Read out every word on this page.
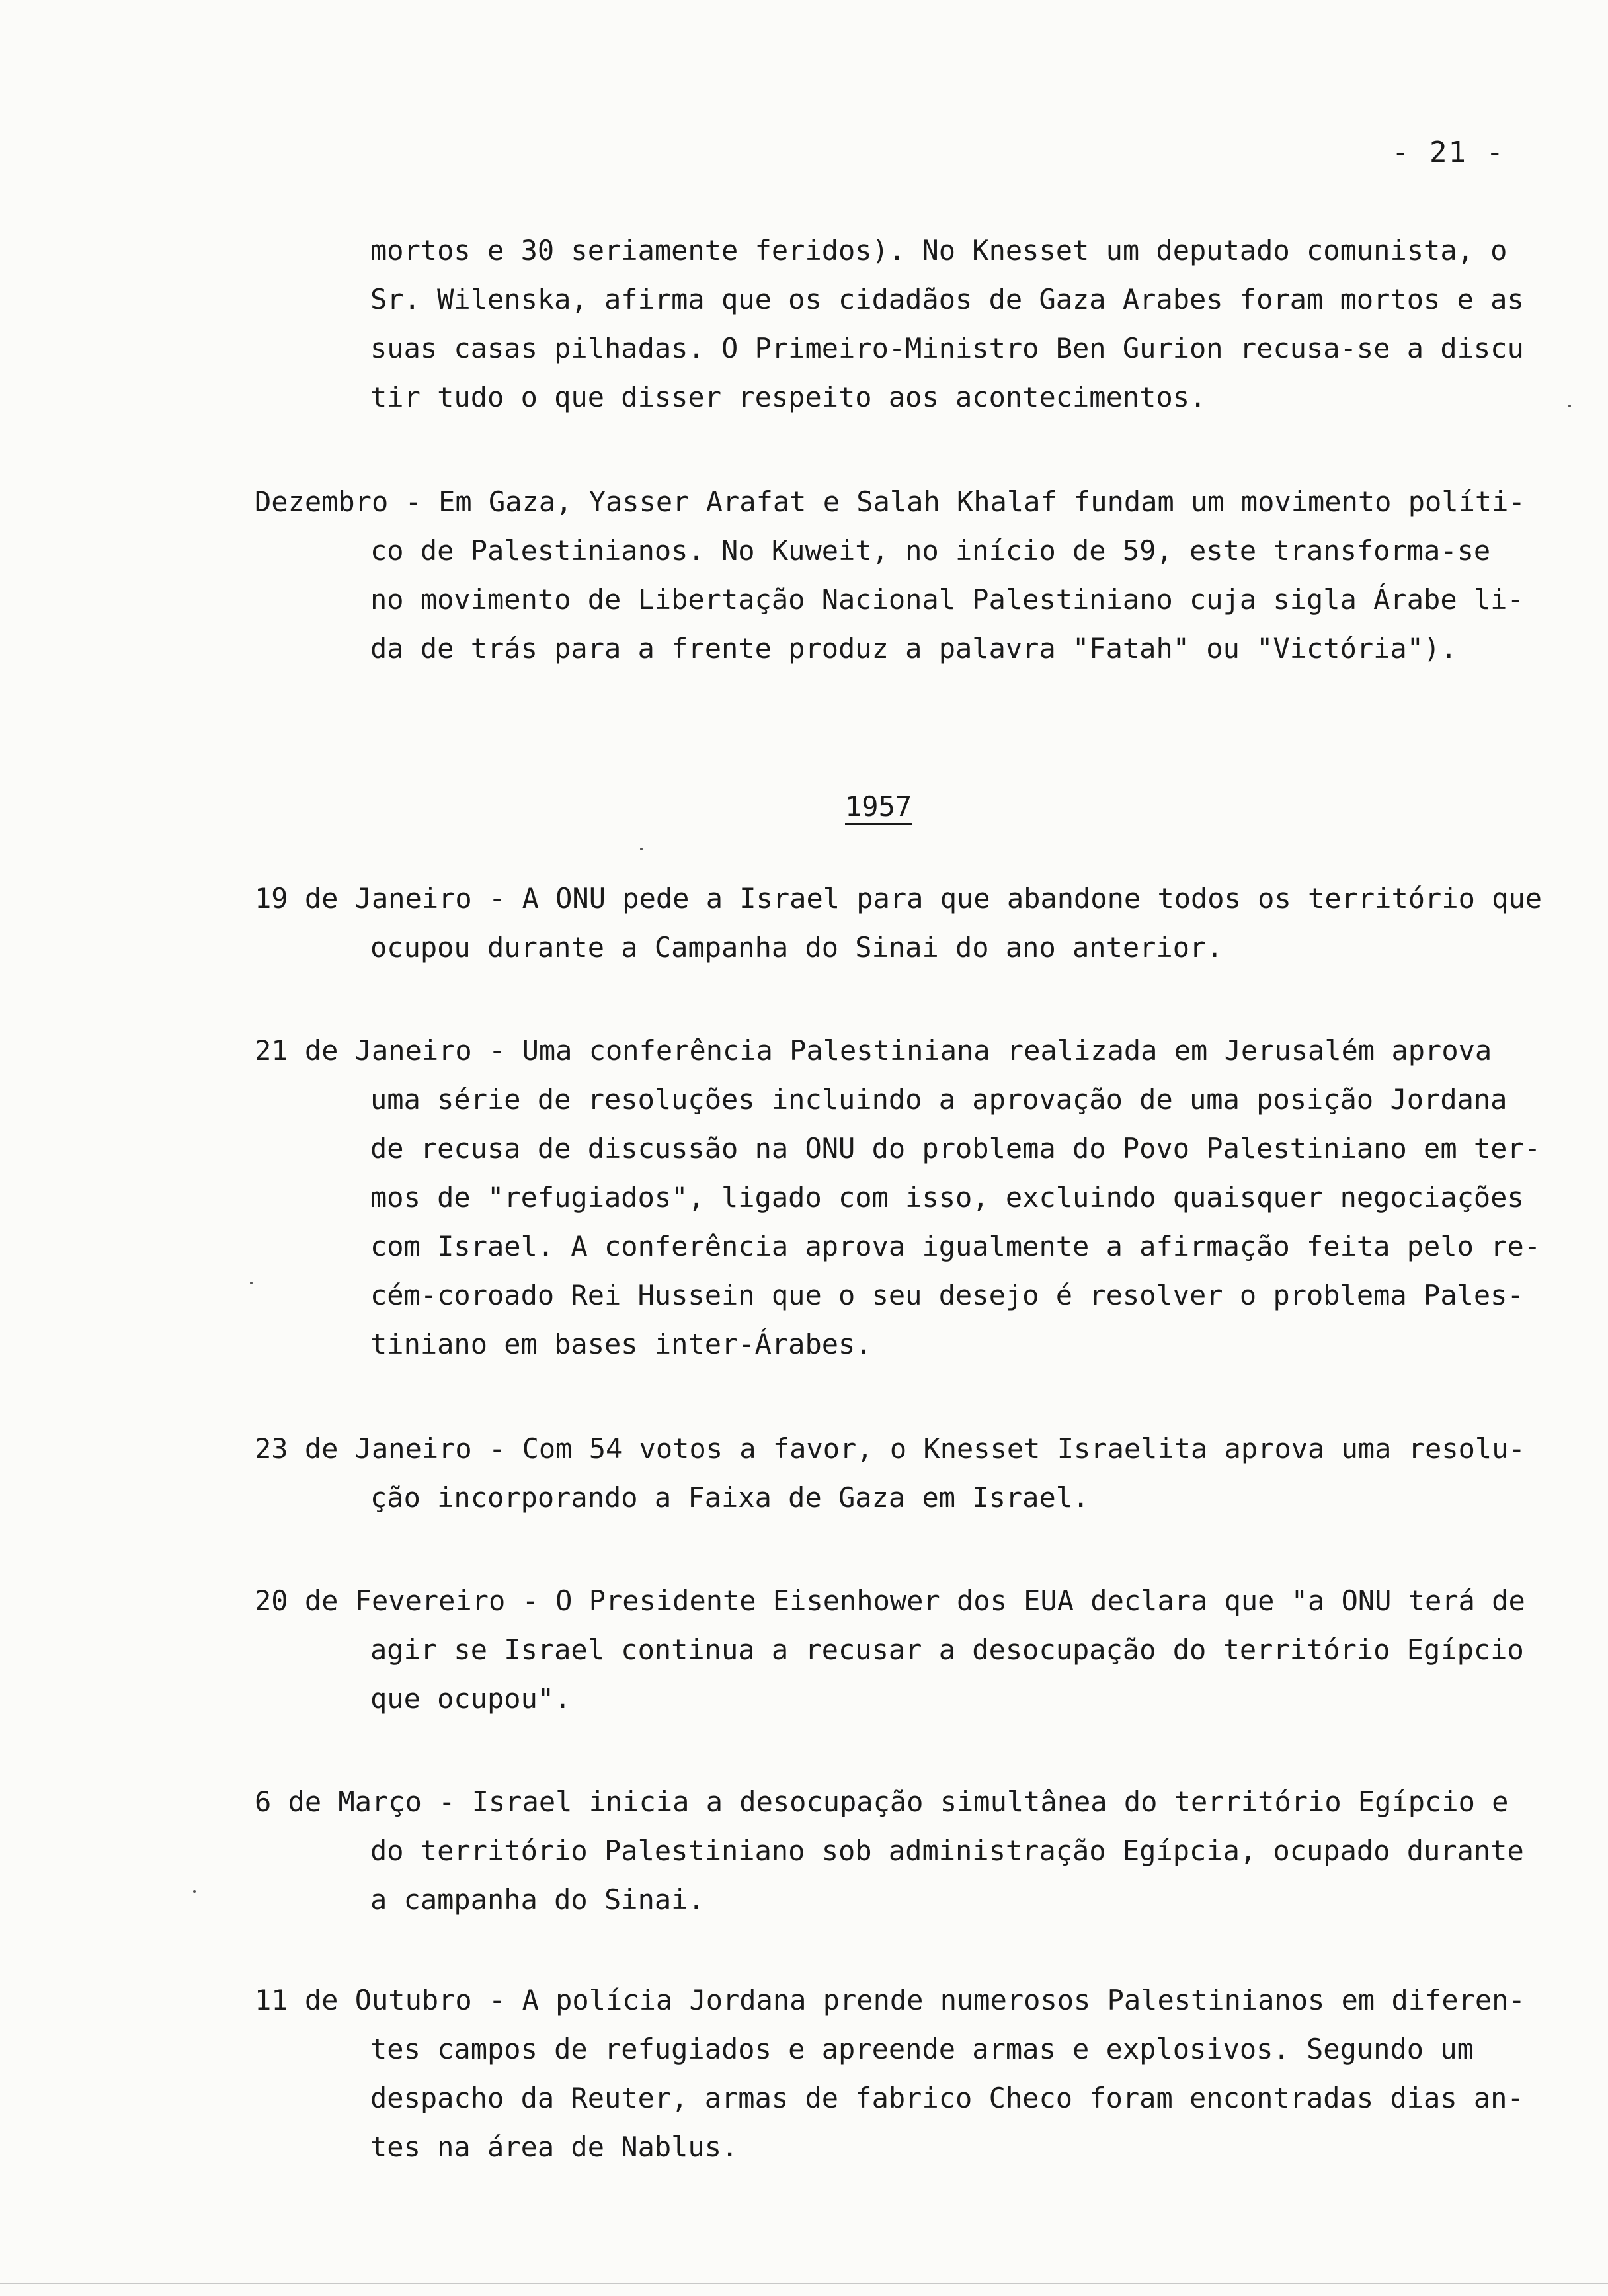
- 21 -
mortos e 30 seriamente feridos). No Knesset um deputado comunista, o
Sr. Wilenska, afirma que os cidadãos de Gaza Arabes foram mortos e as
suas casas pilhadas. O Primeiro-Ministro Ben Gurion recusa-se a discu
tir tudo o que disser respeito aos acontecimentos.
Dezembro - Em Gaza, Yasser Arafat e Salah Khalaf fundam um movimento políti-
co de Palestinianos. No Kuweit, no início de 59, este transforma-se
no movimento de Libertação Nacional Palestiniano cuja sigla Árabe li-
da de trás para a frente produz a palavra "Fatah" ou "Victória").
1957
19 de Janeiro - A ONU pede a Israel para que abandone todos os território que
ocupou durante a Campanha do Sinai do ano anterior.
21 de Janeiro - Uma conferência Palestiniana realizada em Jerusalém aprova
uma série de resoluções incluindo a aprovação de uma posição Jordana
de recusa de discussão na ONU do problema do Povo Palestiniano em ter-
mos de "refugiados", ligado com isso, excluindo quaisquer negociações
com Israel. A conferência aprova igualmente a afirmação feita pelo re-
cém-coroado Rei Hussein que o seu desejo é resolver o problema Pales-
tiniano em bases inter-Árabes.
23 de Janeiro - Com 54 votos a favor, o Knesset Israelita aprova uma resolu-
ção incorporando a Faixa de Gaza em Israel.
20 de Fevereiro - O Presidente Eisenhower dos EUA declara que "a ONU terá de
agir se Israel continua a recusar a desocupação do território Egípcio
que ocupou".
6 de Março - Israel inicia a desocupação simultânea do território Egípcio e
do território Palestiniano sob administração Egípcia, ocupado durante
a campanha do Sinai.
11 de Outubro - A polícia Jordana prende numerosos Palestinianos em diferen-
tes campos de refugiados e apreende armas e explosivos. Segundo um
despacho da Reuter, armas de fabrico Checo foram encontradas dias an-
tes na área de Nablus.
